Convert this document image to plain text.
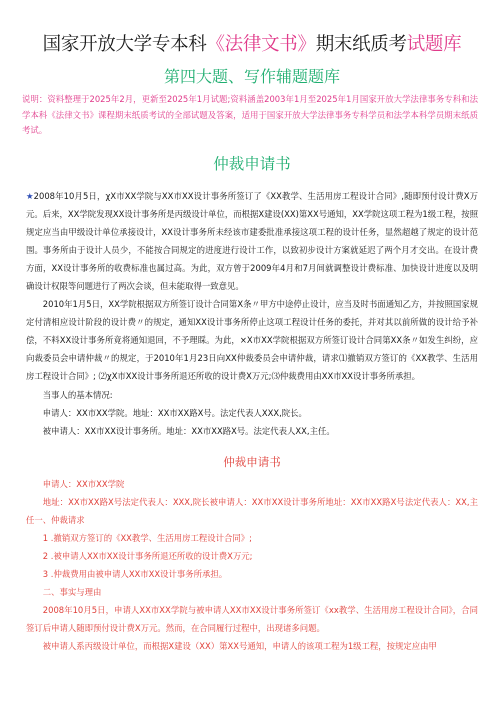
国家开放大学专本科《法律文书》期末纸质考试题库
第四大题、写作辅题题库

说明：资料整理于2025年2月，更新至2025年1月试题;资料涵盖2003年1月至2025年1月国家开放大学法律事务专科和法学本科《法律文书》课程期末纸质考试的全部试题及答案，适用于国家开放大学法律事务专科学员和法学本科学员期末纸质考试。

仲裁申请书

★2008年10月5日，χX市XX学院与XX市XX设计事务所签订了《XX教学、生活用房工程设计合同》,随即预付设计费X万元。后来，XX学院发现XX设计事务所是丙级设计单位，而根据X建设(XX)第XX号通知，XX学院这项工程为1级工程，按照规定应当由甲级设计单位承接设计，XX设计事务所未经该市建委批准承接这项工程的设计任务，显然超越了规定的设计范围。事务所由于设计人员少，不能按合同规定的进度进行设计工作，以致初步设计方案就延迟了两个月才交出。在设计费方面，XX设计事务所的收费标准也属过高。为此，双方曾于2009年4月和7月间就调整设计费标准、加快设计进度以及明确设计权限等问题进行了两次会谈，但未能取得一致意见。

2010年1月5日，XX学院根据双方所签订设计合同第X条〃甲方中途停止设计，应当及时书面通知乙方，并按照国家规定付清相应设计阶段的设计费〃的规定，通知XX设计事务所停止这项工程设计任务的委托，并对其以前所做的设计给予补偿，不料XX设计事务所竟将通知退回，不予理睬。为此，×X市XX学院根据双方所签订设计合同第XX条〃如发生纠纷，应向裁委员会申请仲裁〃的规定，于2010年1月23日向XX仲裁委员会申请仲裁，请求⑴撤销双方签订的《XX教学、生活用房工程设计合同》; ⑵χX市XX设计事务所退还所收的设计费X万元;⑶仲裁费用由XX市XX设计事务所承担。

当事人的基本情况:

申请人：XX市XX学院。地址：XX市XX路X号。法定代表人XXX,院长。

被申请人：XX市XX设计事务所。地址：XX市XX路X号。法定代表人XX,主任。

仲裁申请书

申请人：XX市XX学院

地址：XX市XX路X号法定代表人：XXX,院长被申请人：XX市XX设计事务所地址：XX市XX路X号法定代表人：XX,主任一、仲裁请求

1 .撤销双方签订的《XX教学、生活用房工程设计合同》;

2 .被申请人XX市XX设计事务所退还所收的设计费X万元;

3 .仲裁费用由被申请人XX市XX设计事务所承担。

二、事实与理由

2008年10月5日，申请人XX市XX学院与被申请人XX市XX设计事务所签订《xx教学、生活用房工程设计合同》，合同签订后申请人随即预付设计费X万元。然而，在合同履行过程中，出现诸多问题。

被申请人系丙级设计单位，而根据X建设（XX）第XX号通知，申请人的该项工程为1级工程，按规定应由甲
